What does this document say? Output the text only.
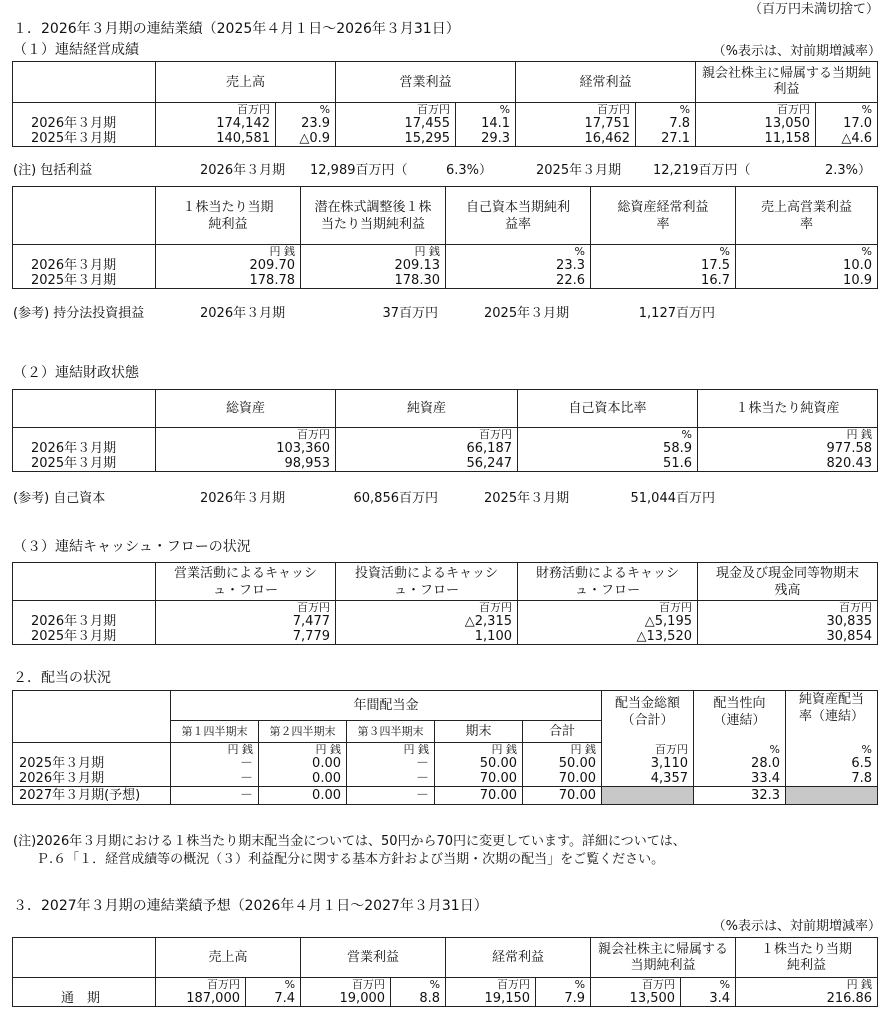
（百万円未満切捨て）
１．2026年３月期の連結業績（2025年４月１日～2026年３月31日）
（１）連結経営成績	（%表示は、対前期増減率）
	売上高		営業利益		経常利益		親会社株主に帰属する当期純利益	
	百万円	%	百万円	%	百万円	%	百万円	%
2026年３月期	174,142	23.9	17,455	14.1	17,751	7.8	13,050	17.0
2025年３月期	140,581	△0.9	15,295	29.3	16,462	27.1	11,158	△4.6
(注) 包括利益	2026年３月期 12,989百万円（	6.3%）	2025年３月期 12,219百万円（	2.3%）
	１株当たり当期純利益	潜在株式調整後１株当たり当期純利益	自己資本当期純利益率	総資産経常利益率	売上高営業利益率
	円 銭	円 銭	%	%	%
2026年３月期	209.70	209.13	23.3	17.5	10.0
2025年３月期	178.78	178.30	22.6	16.7	10.9
(参考) 持分法投資損益	2026年３月期	37百万円	2025年３月期	1,127百万円
（２）連結財政状態
	総資産	純資産	自己資本比率	１株当たり純資産
	百万円	百万円	%	円 銭
2026年３月期	103,360	66,187	58.9	977.58
2025年３月期	98,953	56,247	51.6	820.43
(参考) 自己資本	2026年３月期	60,856百万円	2025年３月期	51,044百万円
（３）連結キャッシュ・フローの状況
	営業活動によるキャッシュ・フロー	投資活動によるキャッシュ・フロー	財務活動によるキャッシュ・フロー	現金及び現金同等物期末残高
	百万円	百万円	百万円	百万円
2026年３月期	7,477	△2,315	△5,195	30,835
2025年３月期	7,779	1,100	△13,520	30,854
２．配当の状況
	年間配当金					配当金総額（合計）	配当性向（連結）	純資産配当率（連結）
	第１四半期末	第２四半期末	第３四半期末	期末	合計			
	円 銭	円 銭	円 銭	円 銭	円 銭	百万円	%	%
2025年３月期	－	0.00	－	50.00	50.00	3,110	28.0	6.5
2026年３月期	－	0.00	－	70.00	70.00	4,357	33.4	7.8
2027年３月期(予想)	－	0.00	－	70.00	70.00		32.3	
(注)2026年３月期における１株当たり期末配当金については、50円から70円に変更しています。詳細については、
Ｐ.６「１．経営成績等の概況（３）利益配分に関する基本方針および当期・次期の配当」をご覧ください。
３．2027年３月期の連結業績予想（2026年４月１日～2027年３月31日）
（%表示は、対前期増減率）
	売上高		営業利益		経常利益		親会社株主に帰属する当期純利益		１株当たり当期純利益
	百万円	%	百万円	%	百万円	%	百万円	%	円 銭
通　期	187,000	7.4	19,000	8.8	19,150	7.9	13,500	3.4	216.86
